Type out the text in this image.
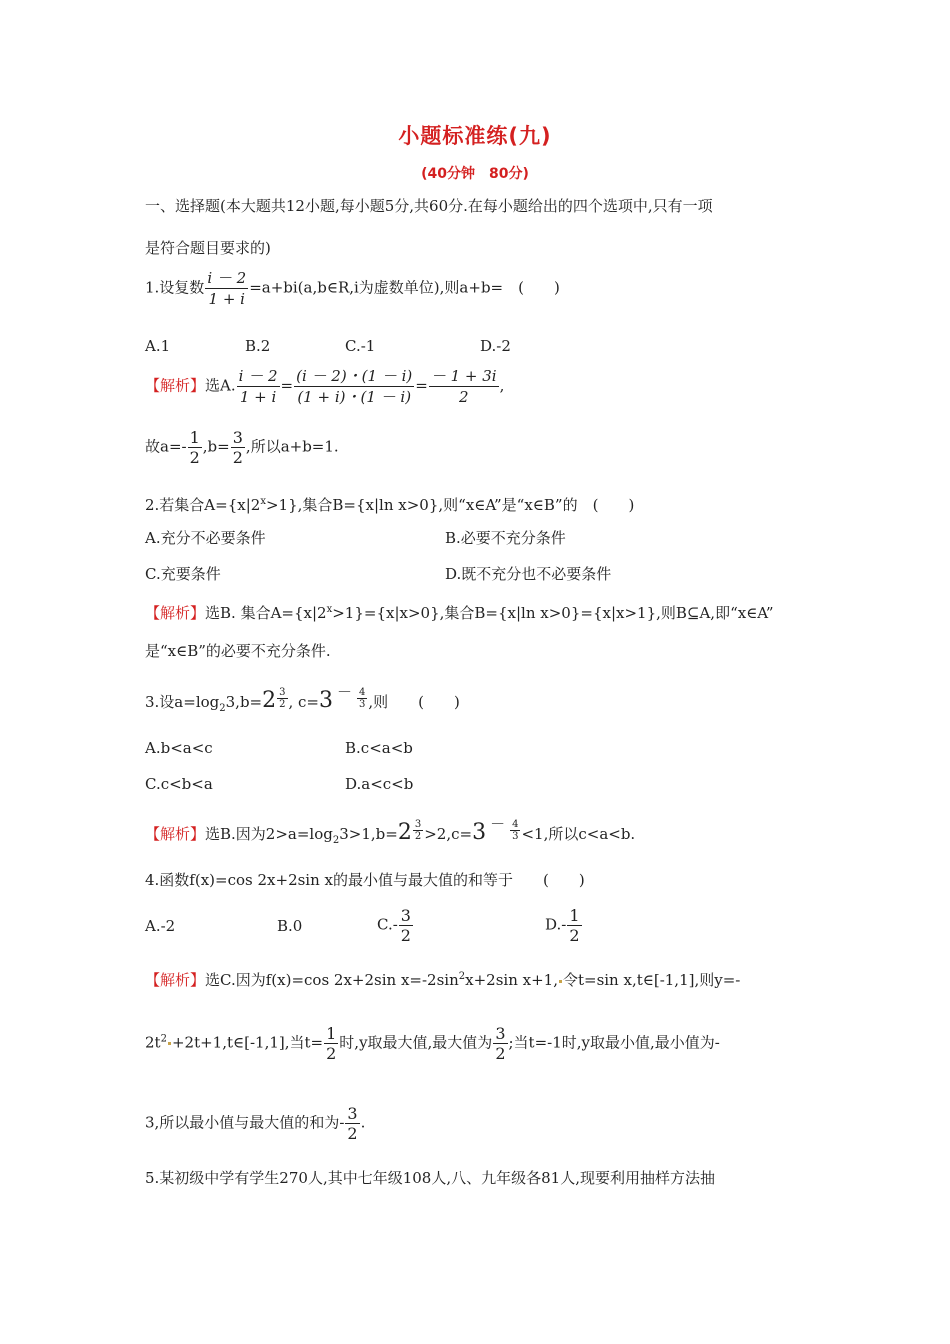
小题标准练(九)
(40分钟　80分)
一、选择题(本大题共12小题,每小题5分,共60分.在每小题给出的四个选项中,只有一项
是符合题目要求的)
1.设复数 $\frac{i - 2}{1 + i}$ =a+bi(a,b∈R,i为虚数单位),则a+b=　(　　)
A.1	B.2	C.-1	D.-2
【解析】选A. $\frac{i - 2}{1 + i} = \frac{(i - 2)・(1 - i)}{(1 + i)・(1 - i)} = \frac{- 1 + 3i}{2}$ ,
故$a=- \frac{1}{2} ,b= \frac{3}{2}$ ,所以a+b=1.
2.若集合$A=\{x|2^x>1\}$,集合B={x|ln x>0},则“x∈A”是“x∈B”的　(　　)
A.充分不必要条件	B.必要不充分条件
C.充要条件	D.既不充分也不必要条件
【解析】选B. 集合$A=\{x|2^x>1\}=\{x|x>0\}$,集合B={x|ln x>0}={x|x>1},则B⊆A,即“x∈A”
是“x∈B”的必要不充分条件.
3.设$a=\log_23,b=2 \frac{3}{2}$ , $c=3 - \frac{4}{3}$ ,则　　(　　)
A.b<a<c	B.c<a<b
C.c<b<a	D.a<c<b
【解析】选B.因为$2>a=\log_23>1,b=2 \frac{3}{2} >2,c=3 - \frac{4}{3} <1$,所以c<a<b.
4.函数f(x)=cos 2x+2sin x的最小值与最大值的和等于　　(　　)
A.-2	B.0	$C.- \frac{3}{2}$	$D.- \frac{1}{2}$
【解析】选C.因为f(x)=cos 2x+2sin $x=-2\sin^2x+2\sin$ x+1, 令t=sin x,t∈[-1,1],则y=-
$2t^2$ +2t+1,t∈[-1,1],当$t= \frac{1}{2}$ 时,y取最大值,最大值为 $\frac{3}{2}$ ;当t=-1时,y取最小值,最小值为-
3,所以最小值与最大值的和为- $\frac{3}{2}$ .
5.某初级中学有学生270人,其中七年级108人,八、九年级各81人,现要利用抽样方法抽
